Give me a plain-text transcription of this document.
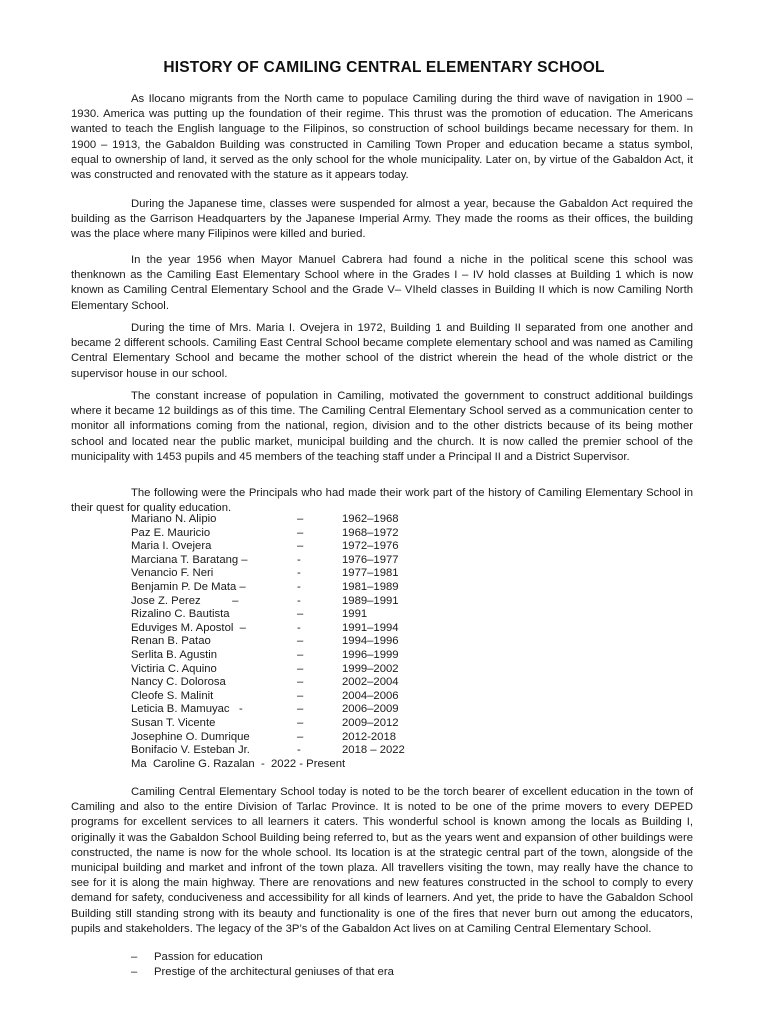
HISTORY OF CAMILING CENTRAL ELEMENTARY SCHOOL

As Ilocano migrants from the North came to populace Camiling during the third wave of navigation in 1900 – 1930. America was putting up the foundation of their regime. This thrust was the promotion of education. The Americans wanted to teach the English language to the Filipinos, so construction of school buildings became necessary for them. In 1900 – 1913, the Gabaldon Building was constructed in Camiling Town Proper and education became a status symbol, equal to ownership of land, it served as the only school for the whole municipality. Later on, by virtue of the Gabaldon Act, it was constructed and renovated with the stature as it appears today.

During the Japanese time, classes were suspended for almost a year, because the Gabaldon Act required the building as the Garrison Headquarters by the Japanese Imperial Army. They made the rooms as their offices, the building was the place where many Filipinos were killed and buried.

In the year 1956 when Mayor Manuel Cabrera had found a niche in the political scene this school was thenknown as the Camiling East Elementary School where in the Grades I – IV hold classes at Building 1 which is now known as Camiling Central Elementary School and the Grade V– VIheld classes in Building II which is now Camiling North Elementary School.

During the time of Mrs. Maria I. Ovejera in 1972, Building 1 and Building II separated from one another and became 2 different schools. Camiling East Central School became complete elementary school and was named as Camiling Central Elementary School and became the mother school of the district wherein the head of the whole district or the supervisor house in our school.

The constant increase of population in Camiling, motivated the government to construct additional buildings where it became 12 buildings as of this time. The Camiling Central Elementary School served as a communication center to monitor all informations coming from the national, region, division and to the other districts because of its being mother school and located near the public market, municipal building and the church. It is now called the premier school of the municipality with 1453 pupils and 45 members of the teaching staff under a Principal II and a District Supervisor.

The following were the Principals who had made their work part of the history of Camiling Elementary School in their quest for quality education.

Mariano N. Alipio	–	1962–1968
Paz E. Mauricio	–	1968–1972
Maria I. Ovejera	–	1972–1976
Marciana T. Baratang –	-	1976–1977
Venancio F. Neri	-	1977–1981
Benjamin P. De Mata –	-	1981–1989
Jose Z. Perez          –	-	1989–1991
Rizalino C. Bautista	–	1991
Eduviges M. Apostol  –	-	1991–1994
Renan B. Patao	–	1994–1996
Serlita B. Agustin	–	1996–1999
Victiria C. Aquino	–	1999–2002
Nancy C. Dolorosa	–	2002–2004
Cleofe S. Malinit	–	2004–2006
Leticia B. Mamuyac   -	–	2006–2009
Susan T. Vicente	–	2009–2012
Josephine O. Dumrique	–	2012-2018
Bonifacio V. Esteban Jr.	-	2018 – 2022
Ma  Caroline G. Razalan  -  2022 - Present

Camiling Central Elementary School today is noted to be the torch bearer of excellent education in the town of Camiling and also to the entire Division of Tarlac Province. It is noted to be one of the prime movers to every DEPED programs for excellent services to all learners it caters. This wonderful school is known among the locals as Building I, originally it was the Gabaldon School Building being referred to, but as the years went and expansion of other buildings were constructed, the name is now for the whole school. Its location is at the strategic central part of the town, alongside of the municipal building and market and infront of the town plaza. All travellers visiting the town, may really have the chance to see for it is along the main highway. There are renovations and new features constructed in the school to comply to every demand for safety, conduciveness and accessibility for all kinds of learners. And yet, the pride to have the Gabaldon School Building still standing strong with its beauty and functionality is one of the fires that never burn out among the educators, pupils and stakeholders. The legacy of the 3P’s of the Gabaldon Act lives on at Camiling Central Elementary School.

– Passion for education
– Prestige of the architectural geniuses of that era
